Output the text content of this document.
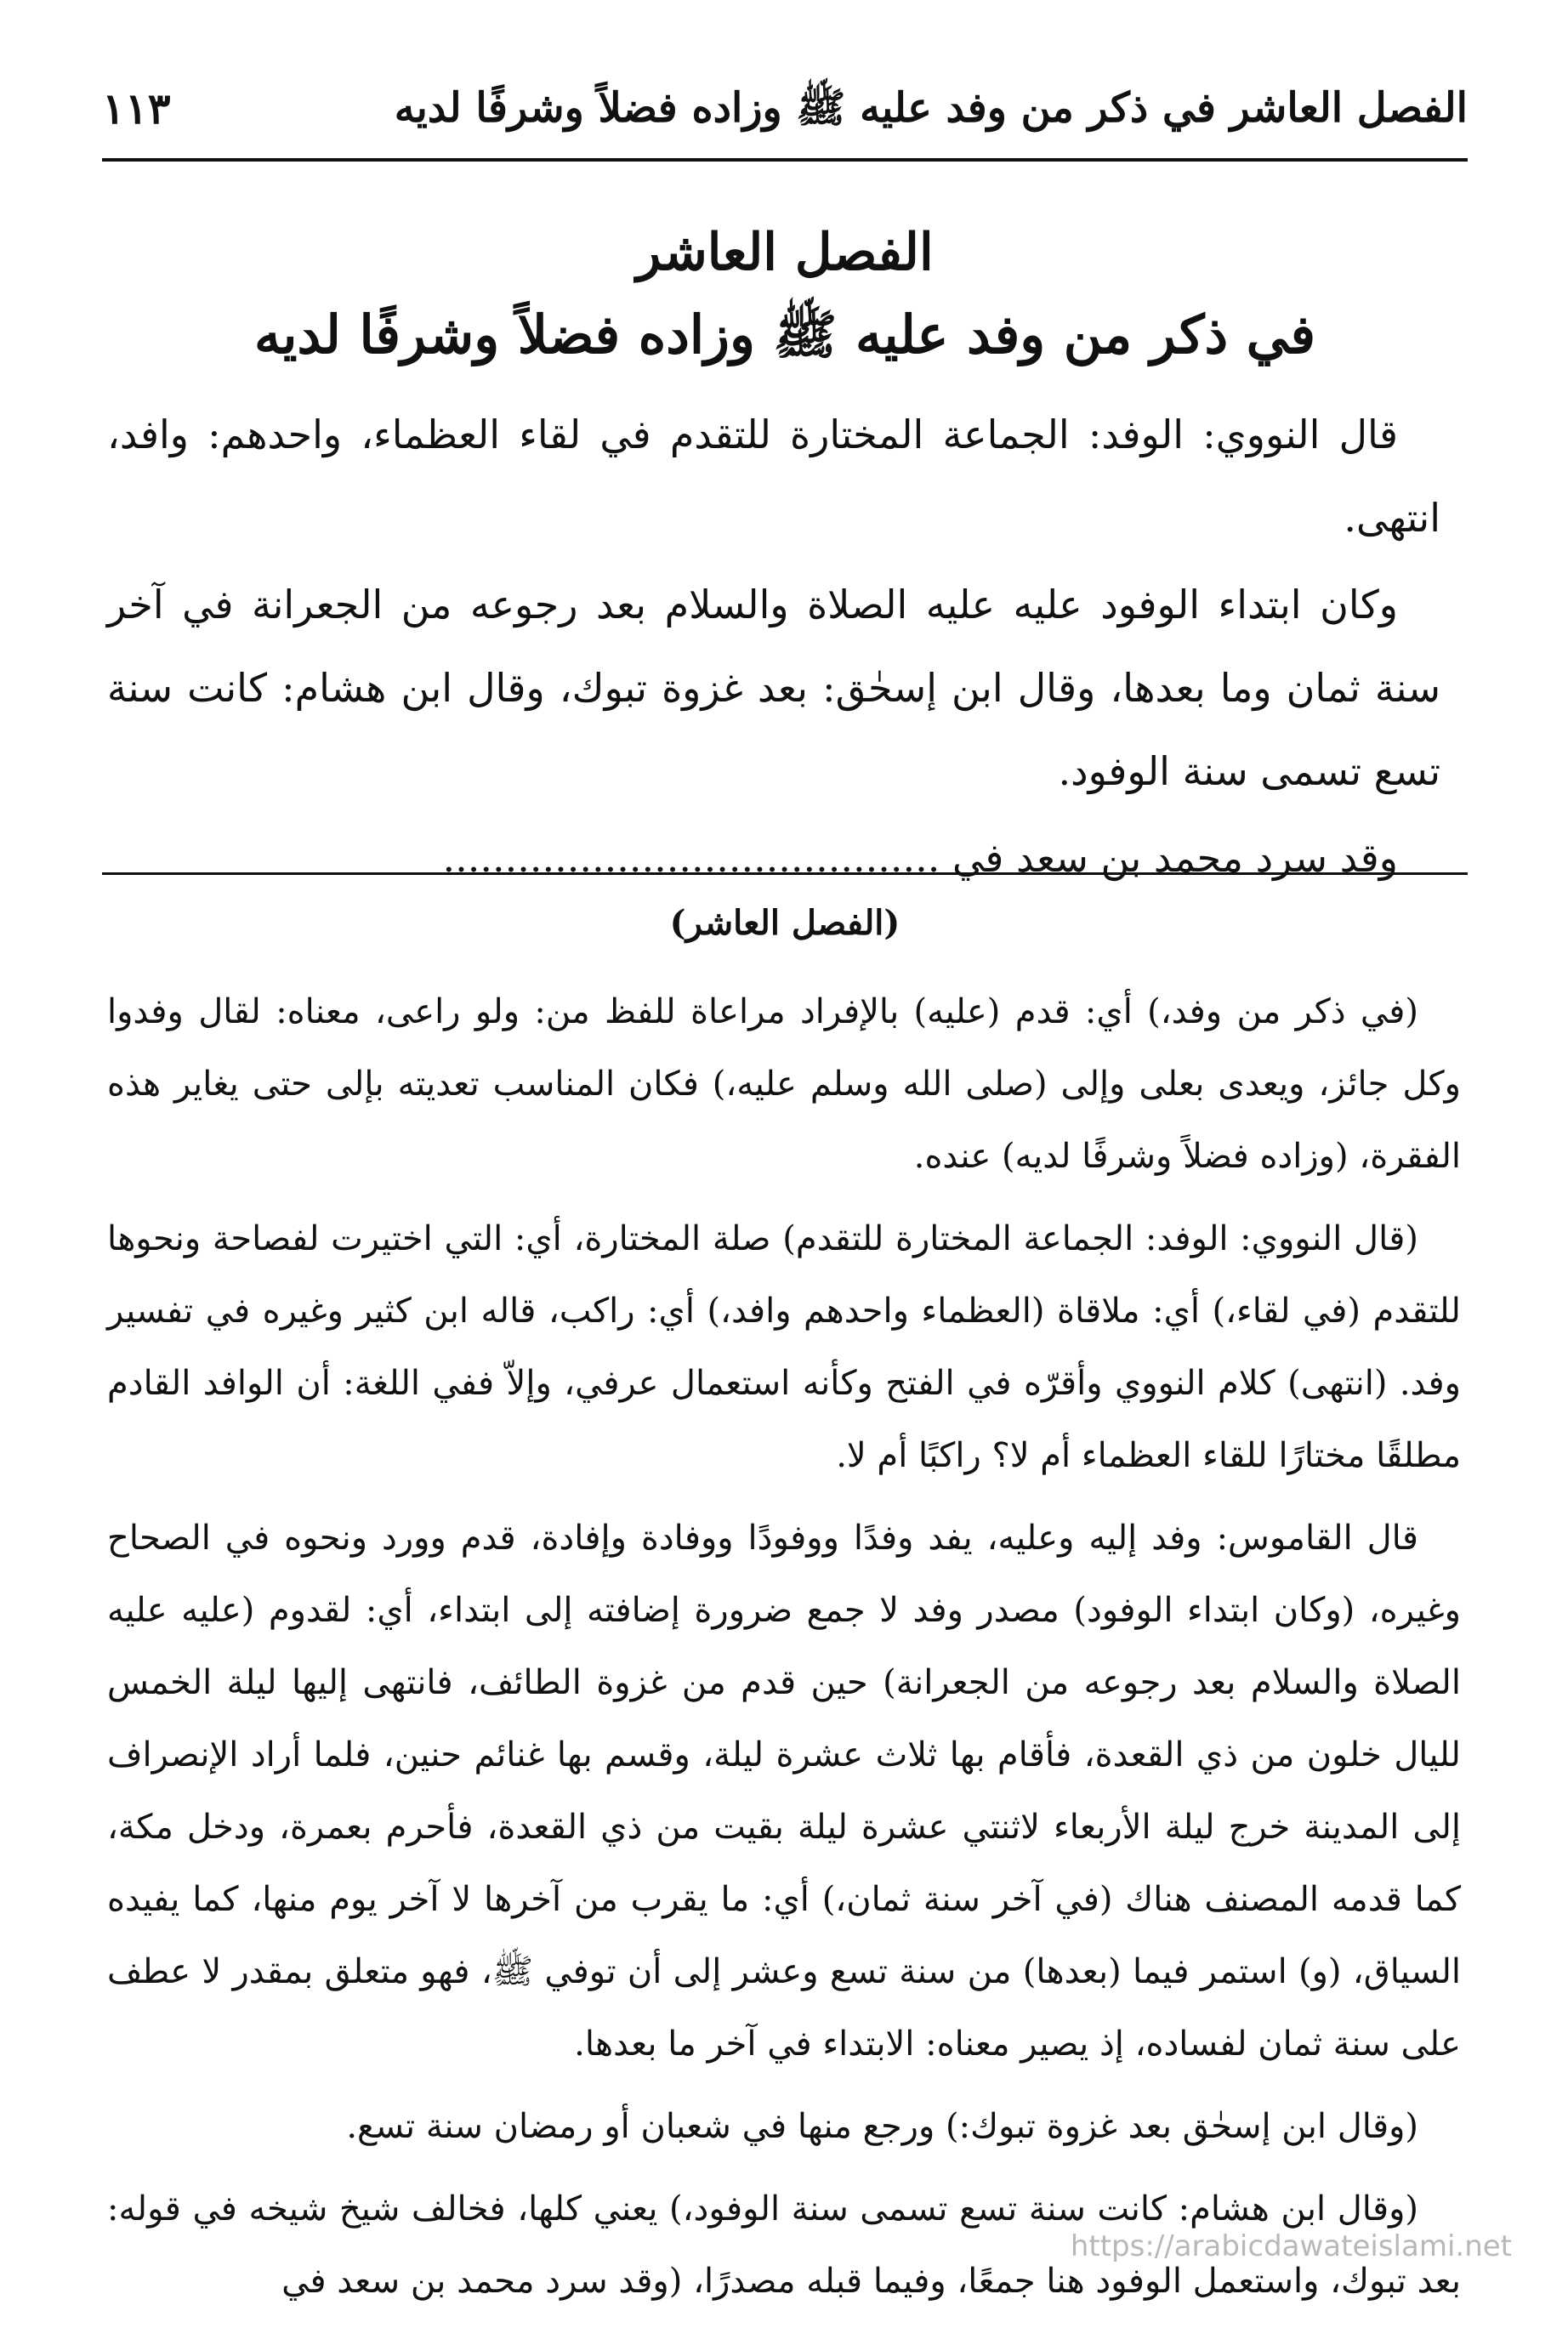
الفصل العاشر في ذكر من وفد عليه ﷺ وزاده فضلاً وشرفًا لديه
١١٣
الفصل العاشر
في ذكر من وفد عليه ﷺ وزاده فضلاً وشرفًا لديه

قال النووي: الوفد: الجماعة المختارة للتقدم في لقاء العظماء، واحدهم: وافد، انتهى.

وكان ابتداء الوفود عليه عليه الصلاة والسلام بعد رجوعه من الجعرانة في آخر سنة ثمان وما بعدها، وقال ابن إسحٰق: بعد غزوة تبوك، وقال ابن هشام: كانت سنة تسع تسمى سنة الوفود.

وقد سرد محمد بن سعد في ........................................

(الفصل العاشر)

(في ذكر من وفد،) أي: قدم (عليه) بالإفراد مراعاة للفظ من: ولو راعى، معناه: لقال وفدوا وكل جائز، ويعدى بعلى وإلى (صلى الله وسلم عليه،) فكان المناسب تعديته بإلى حتى يغاير هذه الفقرة، (وزاده فضلاً وشرفًا لديه) عنده.

(قال النووي: الوفد: الجماعة المختارة للتقدم) صلة المختارة، أي: التي اختيرت لفصاحة ونحوها للتقدم (في لقاء،) أي: ملاقاة (العظماء واحدهم وافد،) أي: راكب، قاله ابن كثير وغيره في تفسير وفد. (انتهى) كلام النووي وأقرّه في الفتح وكأنه استعمال عرفي، وإلاّ ففي اللغة: أن الوافد القادم مطلقًا مختارًا للقاء العظماء أم لا؟ راكبًا أم لا.

قال القاموس: وفد إليه وعليه، يفد وفدًا ووفودًا ووفادة وإفادة، قدم وورد ونحوه في الصحاح وغيره، (وكان ابتداء الوفود) مصدر وفد لا جمع ضرورة إضافته إلى ابتداء، أي: لقدوم (عليه عليه الصلاة والسلام بعد رجوعه من الجعرانة) حين قدم من غزوة الطائف، فانتهى إليها ليلة الخمس لليال خلون من ذي القعدة، فأقام بها ثلاث عشرة ليلة، وقسم بها غنائم حنين، فلما أراد الإنصراف إلى المدينة خرج ليلة الأربعاء لاثنتي عشرة ليلة بقيت من ذي القعدة، فأحرم بعمرة، ودخل مكة، كما قدمه المصنف هناك (في آخر سنة ثمان،) أي: ما يقرب من آخرها لا آخر يوم منها، كما يفيده السياق، (و) استمر فيما (بعدها) من سنة تسع وعشر إلى أن توفي ﷺ، فهو متعلق بمقدر لا عطف على سنة ثمان لفساده، إذ يصير معناه: الابتداء في آخر ما بعدها.

(وقال ابن إسحٰق بعد غزوة تبوك:) ورجع منها في شعبان أو رمضان سنة تسع.

(وقال ابن هشام: كانت سنة تسع تسمى سنة الوفود،) يعني كلها، فخالف شيخ شيخه في قوله: بعد تبوك، واستعمل الوفود هنا جمعًا، وفيما قبله مصدرًا، (وقد سرد محمد بن سعد في

https://arabicdawateislami.net
